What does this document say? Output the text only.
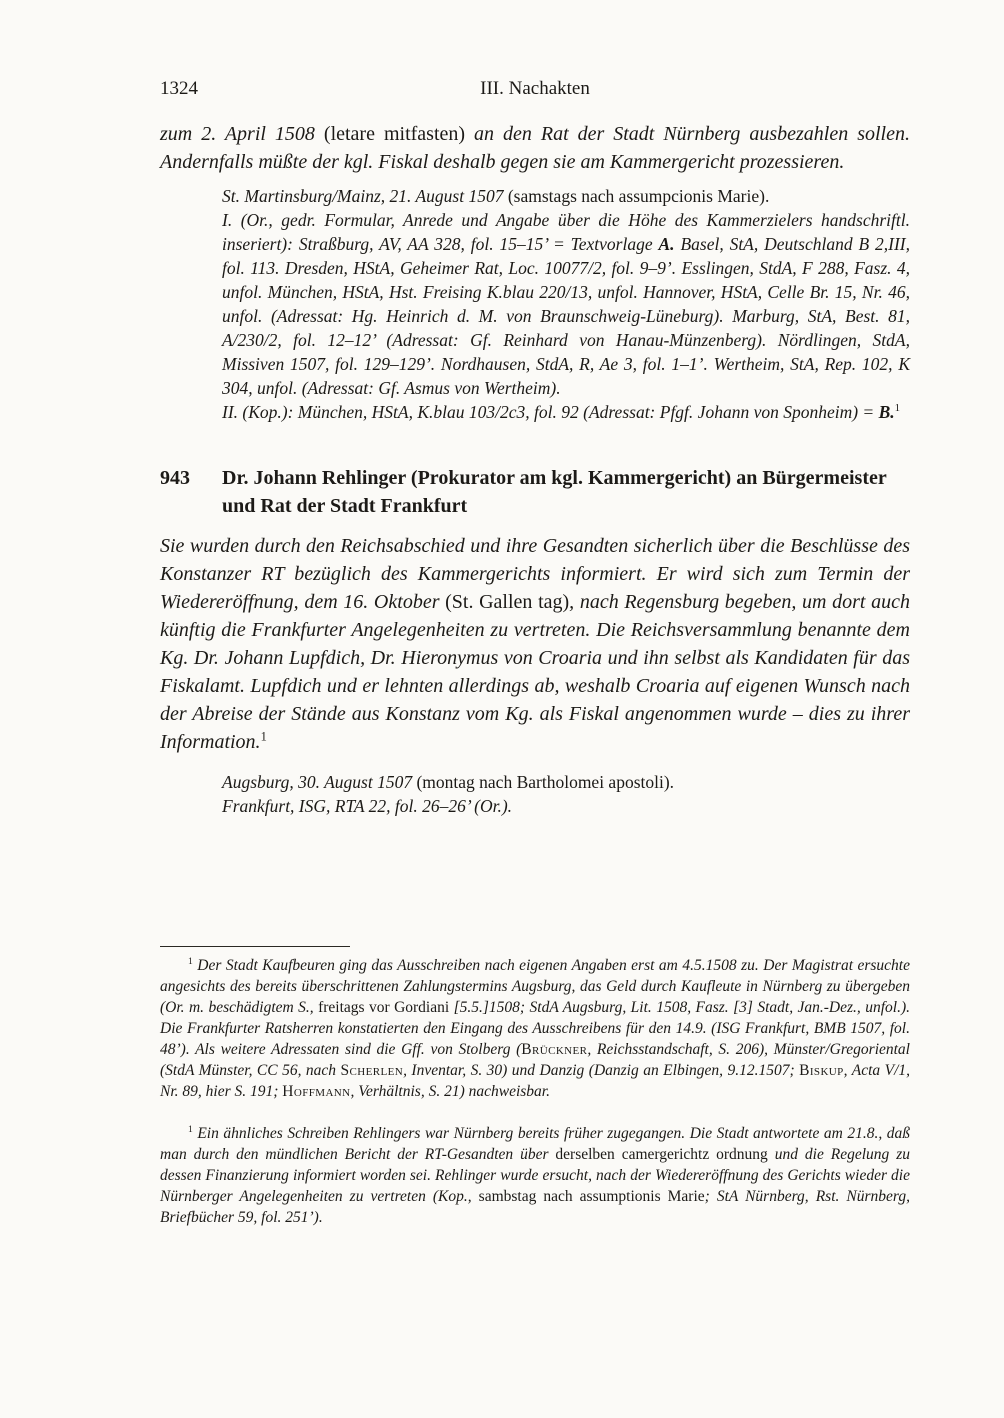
1324	III. Nachakten

zum 2. April 1508 (letare mitfasten) an den Rat der Stadt Nürnberg ausbezahlen sollen. Andernfalls müßte der kgl. Fiskal deshalb gegen sie am Kammergericht prozessieren.

St. Martinsburg/Mainz, 21. August 1507 (samstags nach assumpcionis Marie).

I. (Or., gedr. Formular, Anrede und Angabe über die Höhe des Kammerzielers handschriftl. inseriert): Straßburg, AV, AA 328, fol. 15–15’ = Textvorlage A. Basel, StA, Deutschland B 2,III, fol. 113. Dresden, HStA, Geheimer Rat, Loc. 10077/2, fol. 9–9’. Esslingen, StdA, F 288, Fasz. 4, unfol. München, HStA, Hst. Freising K.blau 220/13, unfol. Hannover, HStA, Celle Br. 15, Nr. 46, unfol. (Adressat: Hg. Heinrich d. M. von Braunschweig-Lüneburg). Marburg, StA, Best. 81, A/230/2, fol. 12–12’ (Adressat: Gf. Reinhard von Hanau-Münzenberg). Nördlingen, StdA, Missiven 1507, fol. 129–129’. Nordhausen, StdA, R, Ae 3, fol. 1–1’. Wertheim, StA, Rep. 102, K 304, unfol. (Adressat: Gf. Asmus von Wertheim).

II. (Kop.): München, HStA, K.blau 103/2c3, fol. 92 (Adressat: Pfgf. Johann von Sponheim) = B.$^1$

943	Dr. Johann Rehlinger (Prokurator am kgl. Kammergericht) an Bürgermeister und Rat der Stadt Frankfurt

Sie wurden durch den Reichsabschied und ihre Gesandten sicherlich über die Beschlüsse des Konstanzer RT bezüglich des Kammergerichts informiert. Er wird sich zum Termin der Wiedereröffnung, dem 16. Oktober (St. Gallen tag), nach Regensburg begeben, um dort auch künftig die Frankfurter Angelegenheiten zu vertreten. Die Reichsversammlung benannte dem Kg. Dr. Johann Lupfdich, Dr. Hieronymus von Croaria und ihn selbst als Kandidaten für das Fiskalamt. Lupfdich und er lehnten allerdings ab, weshalb Croaria auf eigenen Wunsch nach der Abreise der Stände aus Konstanz vom Kg. als Fiskal angenommen wurde – dies zu ihrer Information.$^1$

Augsburg, 30. August 1507 (montag nach Bartholomei apostoli).

Frankfurt, ISG, RTA 22, fol. 26–26’ (Or.).

$^1$ Der Stadt Kaufbeuren ging das Ausschreiben nach eigenen Angaben erst am 4.5.1508 zu. Der Magistrat ersuchte angesichts des bereits überschrittenen Zahlungstermins Augsburg, das Geld durch Kaufleute in Nürnberg zu übergeben (Or. m. beschädigtem S., freitags vor Gordiani [5.5.]1508; StdA Augsburg, Lit. 1508, Fasz. [3] Stadt, Jan.-Dez., unfol.). Die Frankfurter Ratsherren konstatierten den Eingang des Ausschreibens für den 14.9. (ISG Frankfurt, BMB 1507, fol. 48’). Als weitere Adressaten sind die Gff. von Stolberg (Brückner, Reichsstandschaft, S. 206), Münster/Gregoriental (StdA Münster, CC 56, nach Scherlen, Inventar, S. 30) und Danzig (Danzig an Elbingen, 9.12.1507; Biskup, Acta V/1, Nr. 89, hier S. 191; Hoffmann, Verhältnis, S. 21) nachweisbar.

$^1$ Ein ähnliches Schreiben Rehlingers war Nürnberg bereits früher zugegangen. Die Stadt antwortete am 21.8., daß man durch den mündlichen Bericht der RT-Gesandten über derselben camergerichtz ordnung und die Regelung zu dessen Finanzierung informiert worden sei. Rehlinger wurde ersucht, nach der Wiedereröffnung des Gerichts wieder die Nürnberger Angelegenheiten zu vertreten (Kop., sambstag nach assumptionis Marie; StA Nürnberg, Rst. Nürnberg, Briefbücher 59, fol. 251’).
